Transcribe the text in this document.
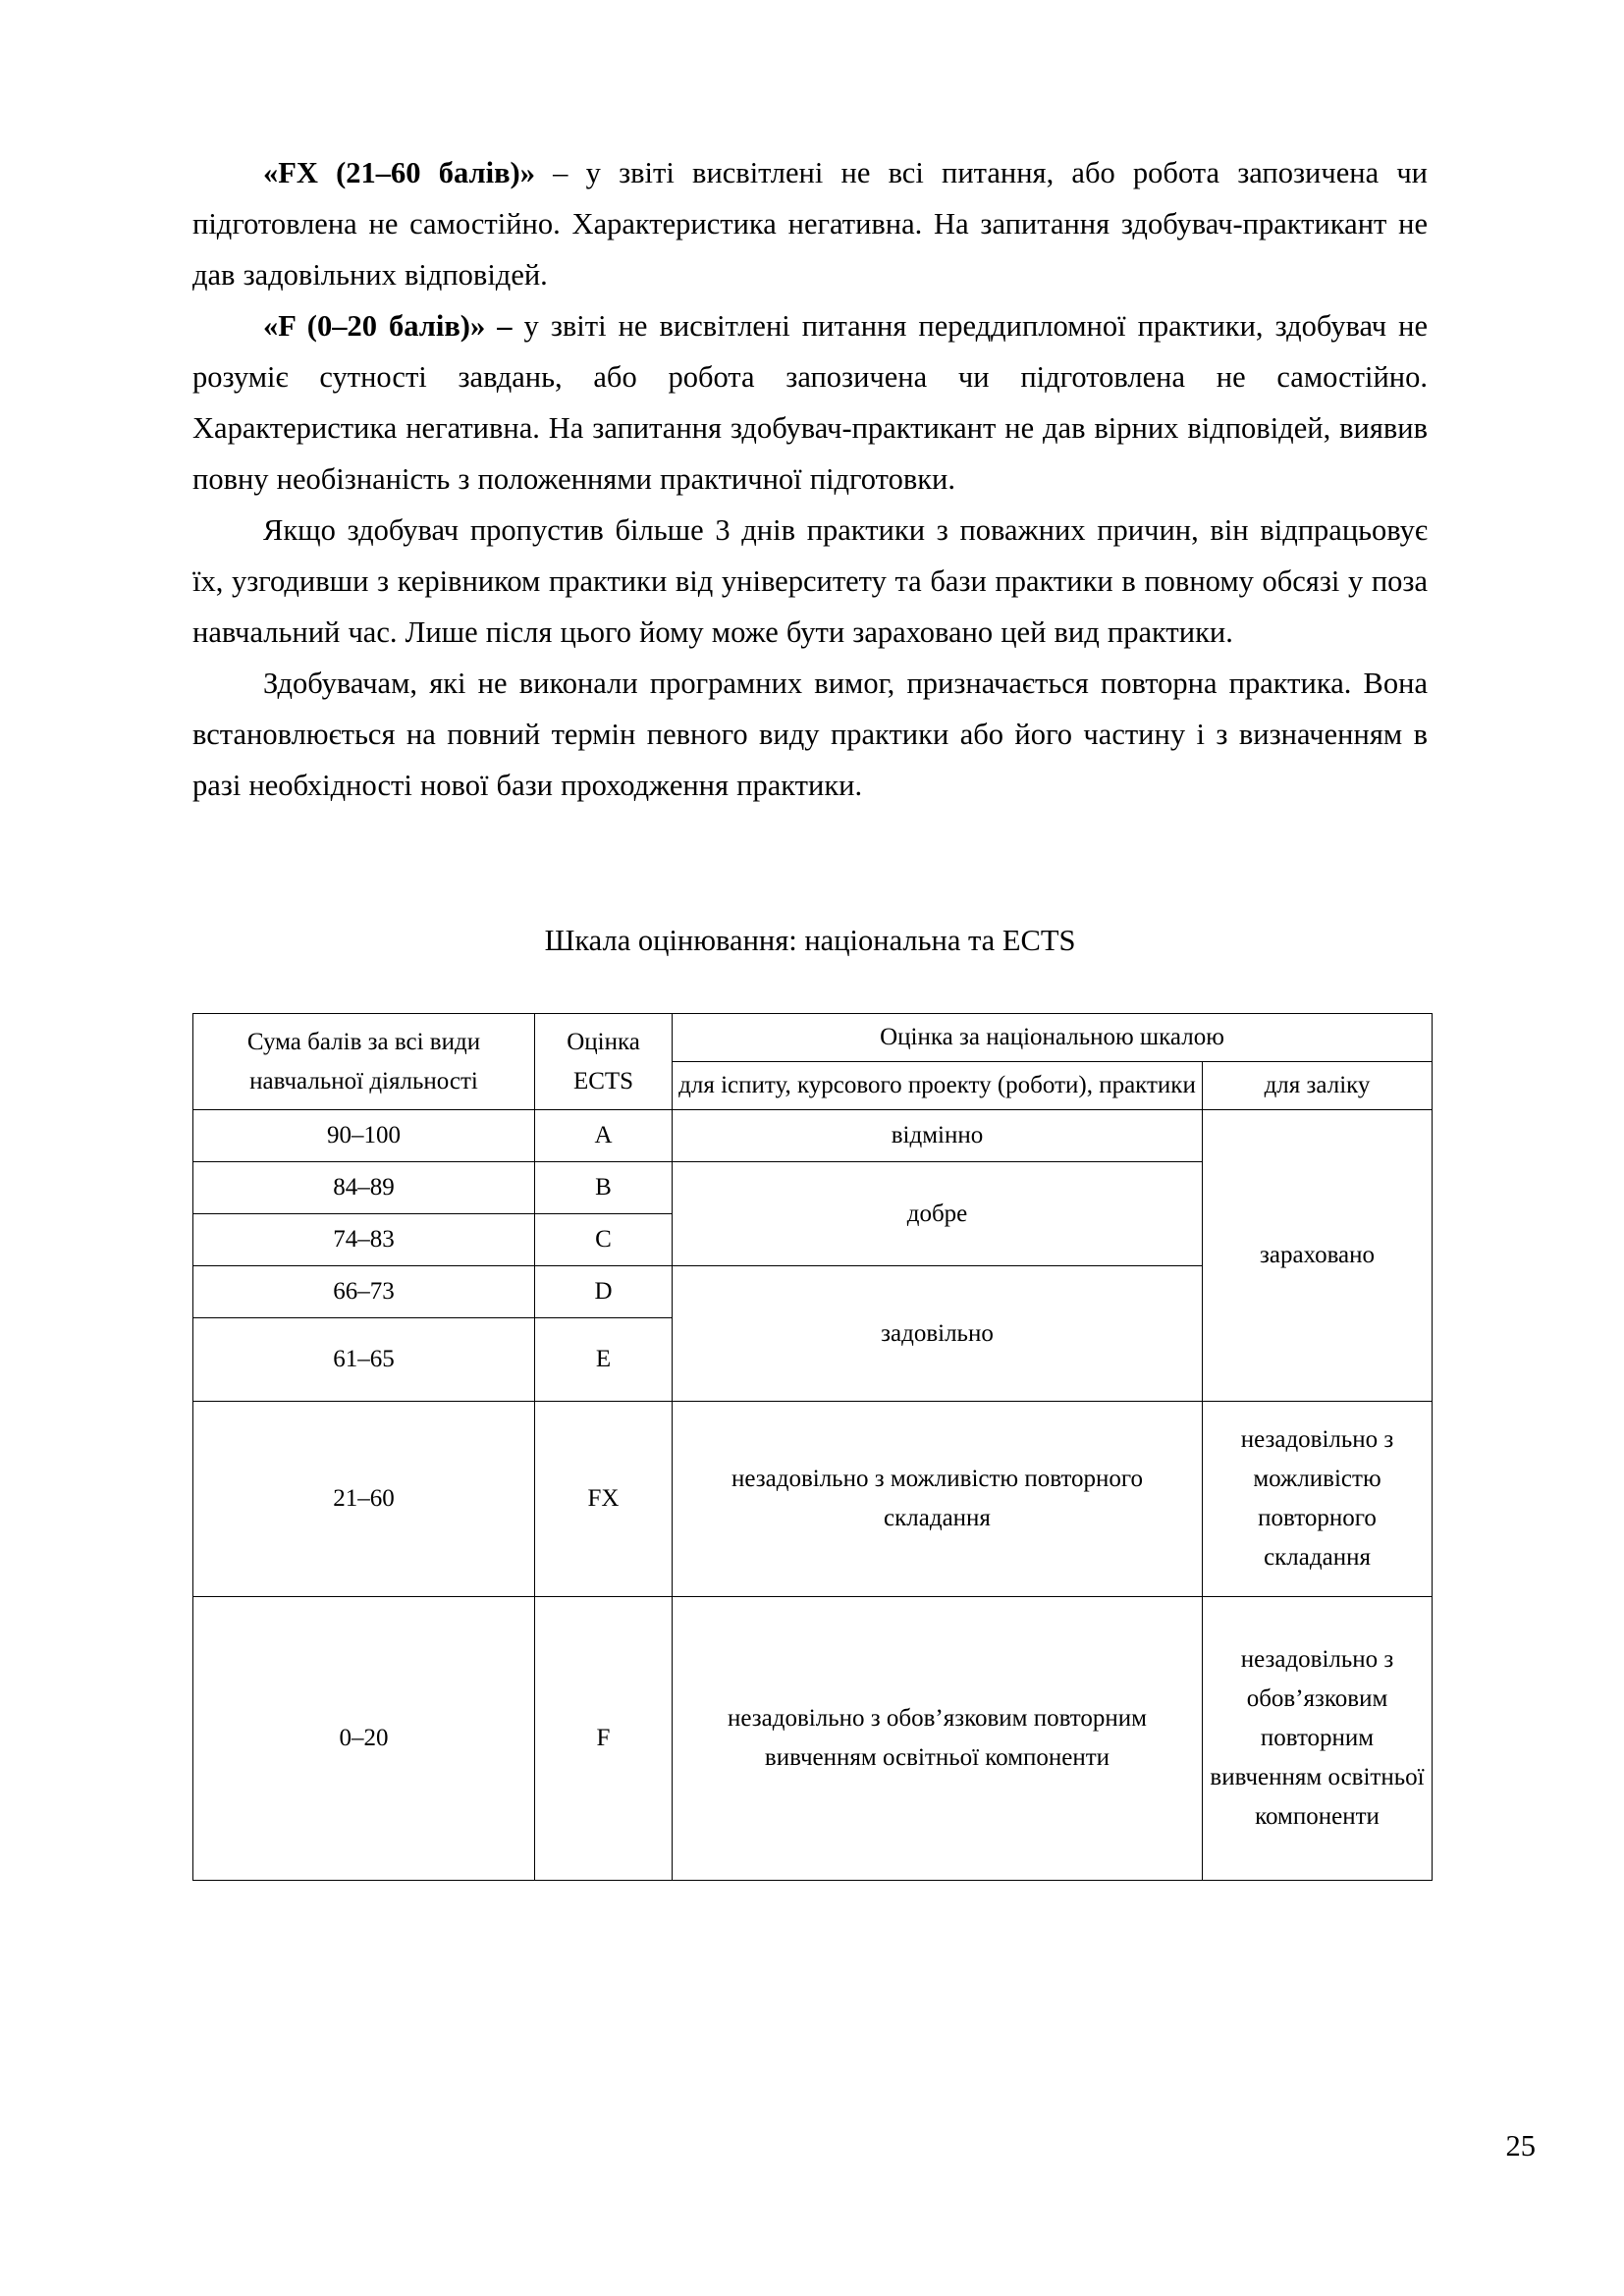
«FX (21–60 балів)» – у звіті висвітлені не всі питання, або робота запозичена чи підготовлена не самостійно. Характеристика негативна. На запитання здобувач-практикант не дав задовільних відповідей.

«F (0–20 балів)» – у звіті не висвітлені питання переддипломної практики, здобувач не розуміє сутності завдань, або робота запозичена чи підготовлена не самостійно. Характеристика негативна. На запитання здобувач-практикант не дав вірних відповідей, виявив повну необізнаність з положеннями практичної підготовки.

Якщо здобувач пропустив більше 3 днів практики з поважних причин, він відпрацьовує їх, узгодивши з керівником практики від університету та бази практики в повному обсязі у поза навчальний час. Лише після цього йому може бути зараховано цей вид практики.

Здобувачам, які не виконали програмних вимог, призначається повторна практика. Вона встановлюється на повний термін певного виду практики або його частину і з визначенням в разі необхідності нової бази проходження практики.

Шкала оцінювання: національна та ECTS
Сума балів за всі види навчальної діяльності	Оцінка ECTS	Оцінка за національною шкалою	
		для іспиту, курсового проекту (роботи), практики	для заліку
90–100	A	відмінно	зараховано
84–89	B	добре	
74–83	C		
66–73	D	задовільно	
61–65	E		
21–60	FX	незадовільно з можливістю повторного складання	незадовільно з можливістю повторного складання
0–20	F	незадовільно з обов’язковим повторним вивченням освітньої компоненти	незадовільно з обов’язковим повторним вивченням освітньої компоненти
25
